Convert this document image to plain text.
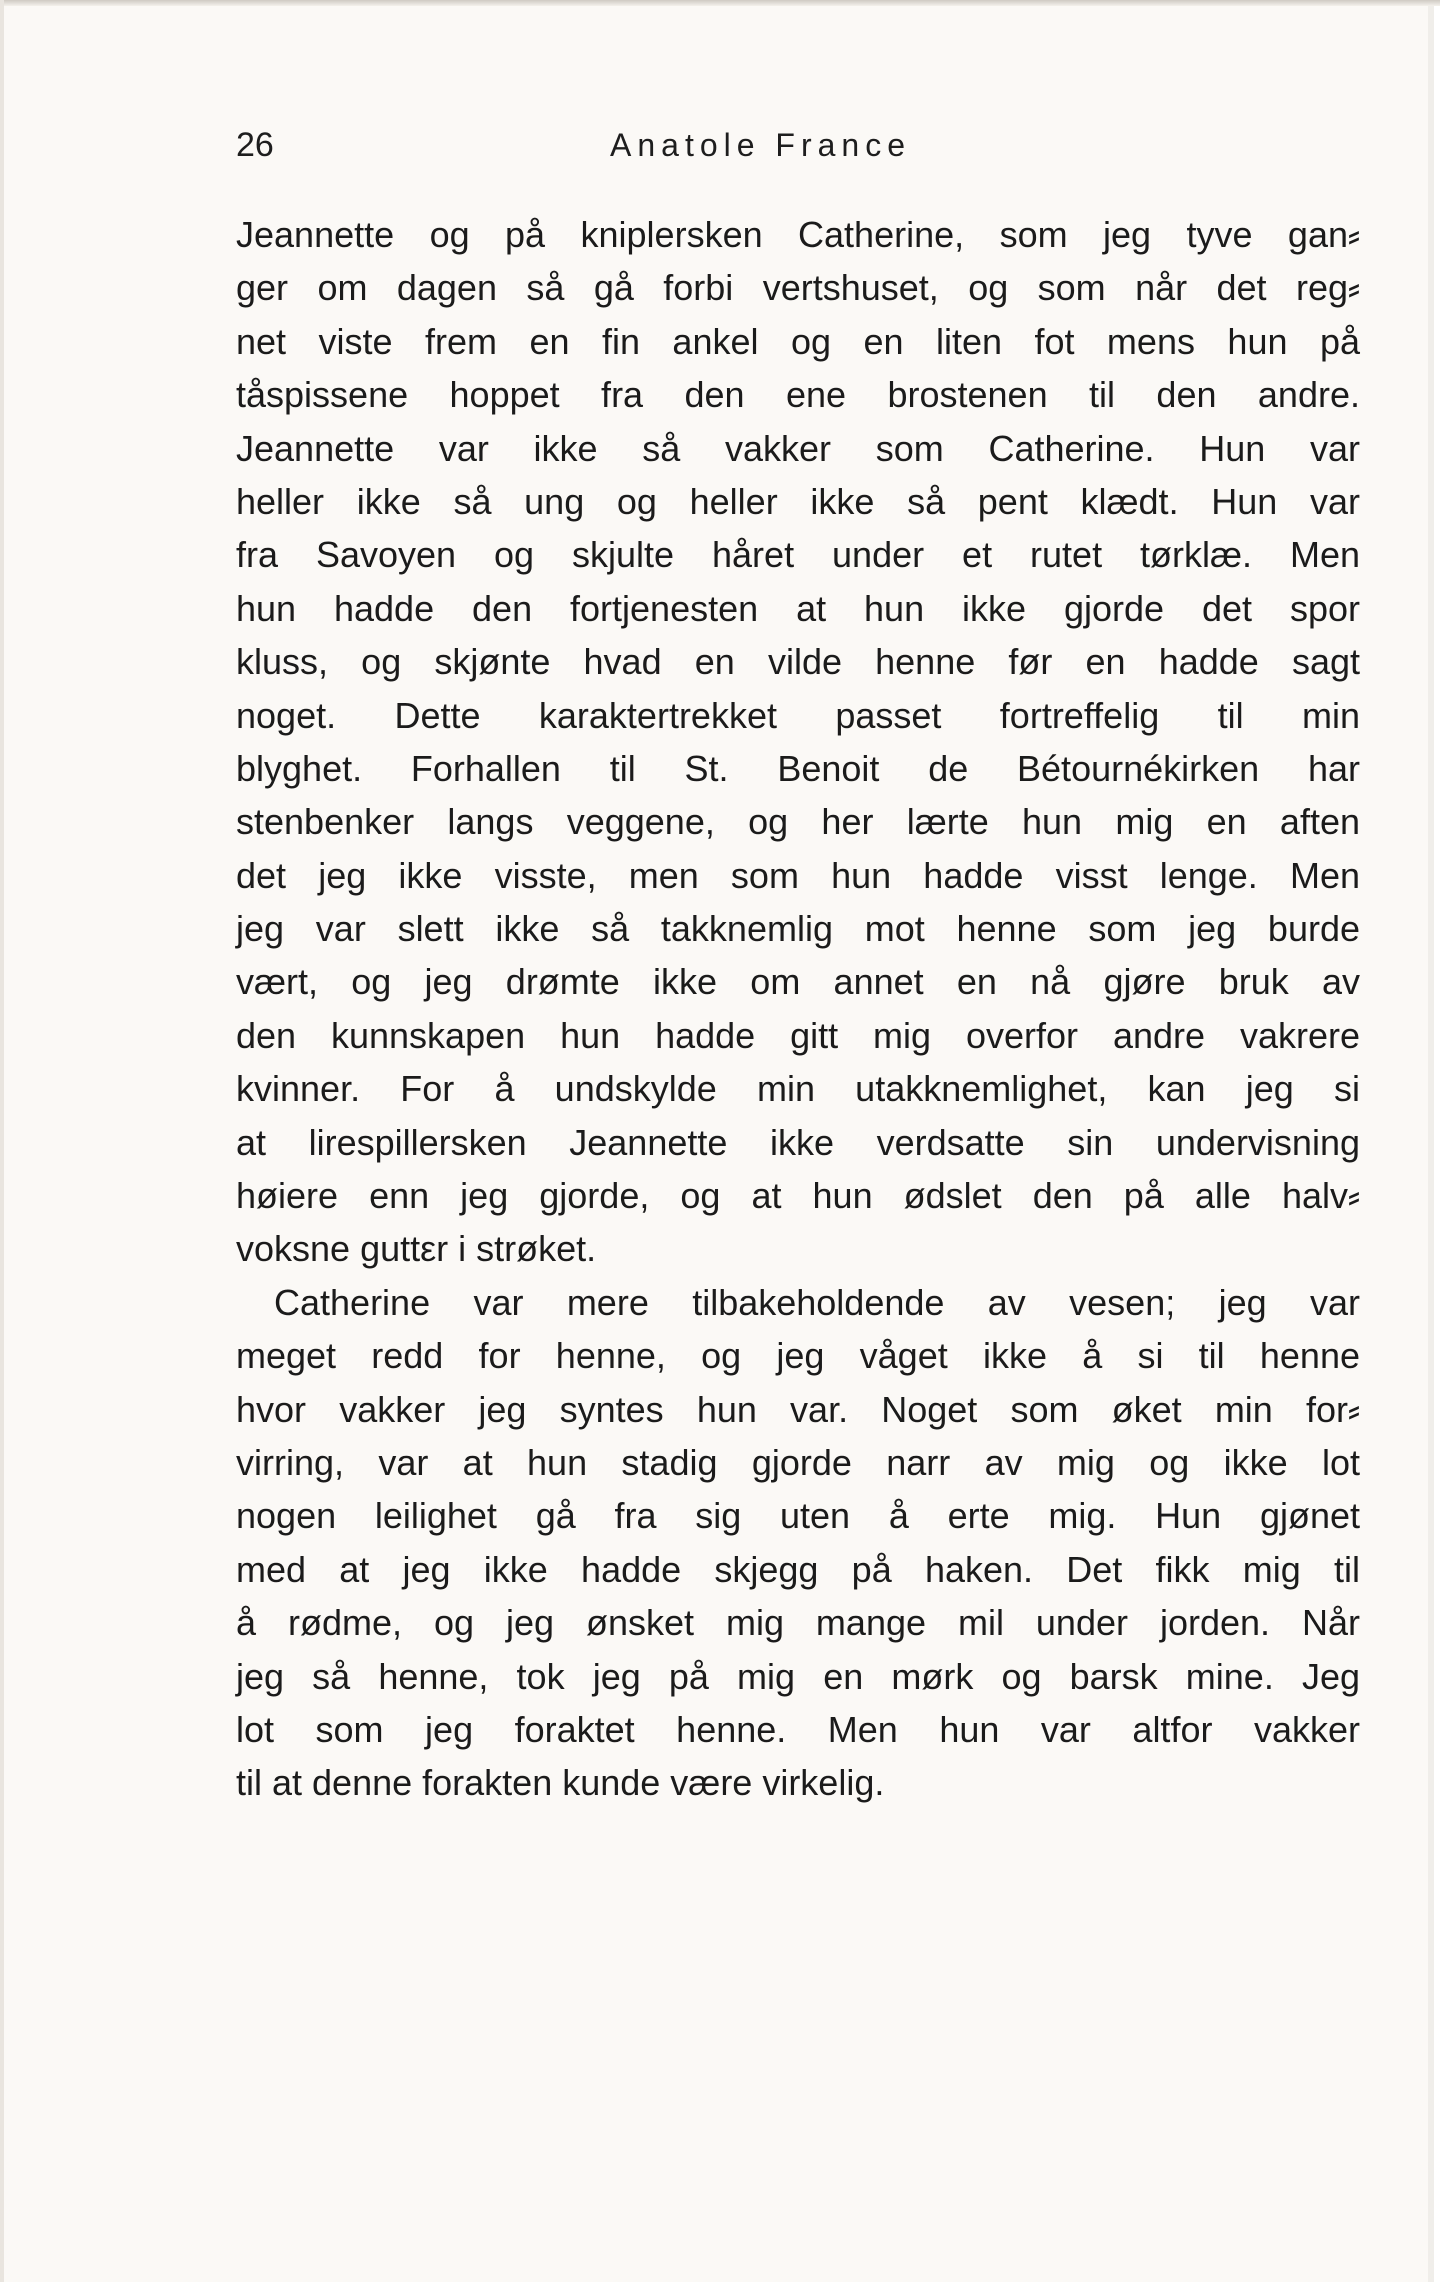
26	Anatole France
Jeannette og på kniplersken Catherine, som jeg tyve gan⸗
ger om dagen så gå forbi vertshuset, og som når det reg⸗
net viste frem en fin ankel og en liten fot mens hun på
tåspissene hoppet fra den ene brostenen til den andre.
Jeannette var ikke så vakker som Catherine. Hun var
heller ikke så ung og heller ikke så pent klædt. Hun var
fra Savoyen og skjulte håret under et rutet tørklæ. Men
hun hadde den fortjenesten at hun ikke gjorde det spor
kluss, og skjønte hvad en vilde henne før en hadde sagt
noget. Dette karaktertrekket passet fortreffelig til min
blyghet. Forhallen til St. Benoit de Bétournékirken har
stenbenker langs veggene, og her lærte hun mig en aften
det jeg ikke visste, men som hun hadde visst lenge. Men
jeg var slett ikke så takknemlig mot henne som jeg burde
vært, og jeg drømte ikke om annet en nå gjøre bruk av
den kunnskapen hun hadde gitt mig overfor andre vakrere
kvinner. For å undskylde min utakknemlighet, kan jeg si
at lirespillersken Jeannette ikke verdsatte sin undervisning
høiere enn jeg gjorde, og at hun ødslet den på alle halv⸗
voksne guttεr i strøket.
Catherine var mere tilbakeholdende av vesen; jeg var
meget redd for henne, og jeg våget ikke å si til henne
hvor vakker jeg syntes hun var. Noget som øket min for⸗
virring, var at hun stadig gjorde narr av mig og ikke lot
nogen leilighet gå fra sig uten å erte mig. Hun gjønet
med at jeg ikke hadde skjegg på haken. Det fikk mig til
å rødme, og jeg ønsket mig mange mil under jorden. Når
jeg så henne, tok jeg på mig en mørk og barsk mine. Jeg
lot som jeg foraktet henne. Men hun var altfor vakker
til at denne forakten kunde være virkelig.
